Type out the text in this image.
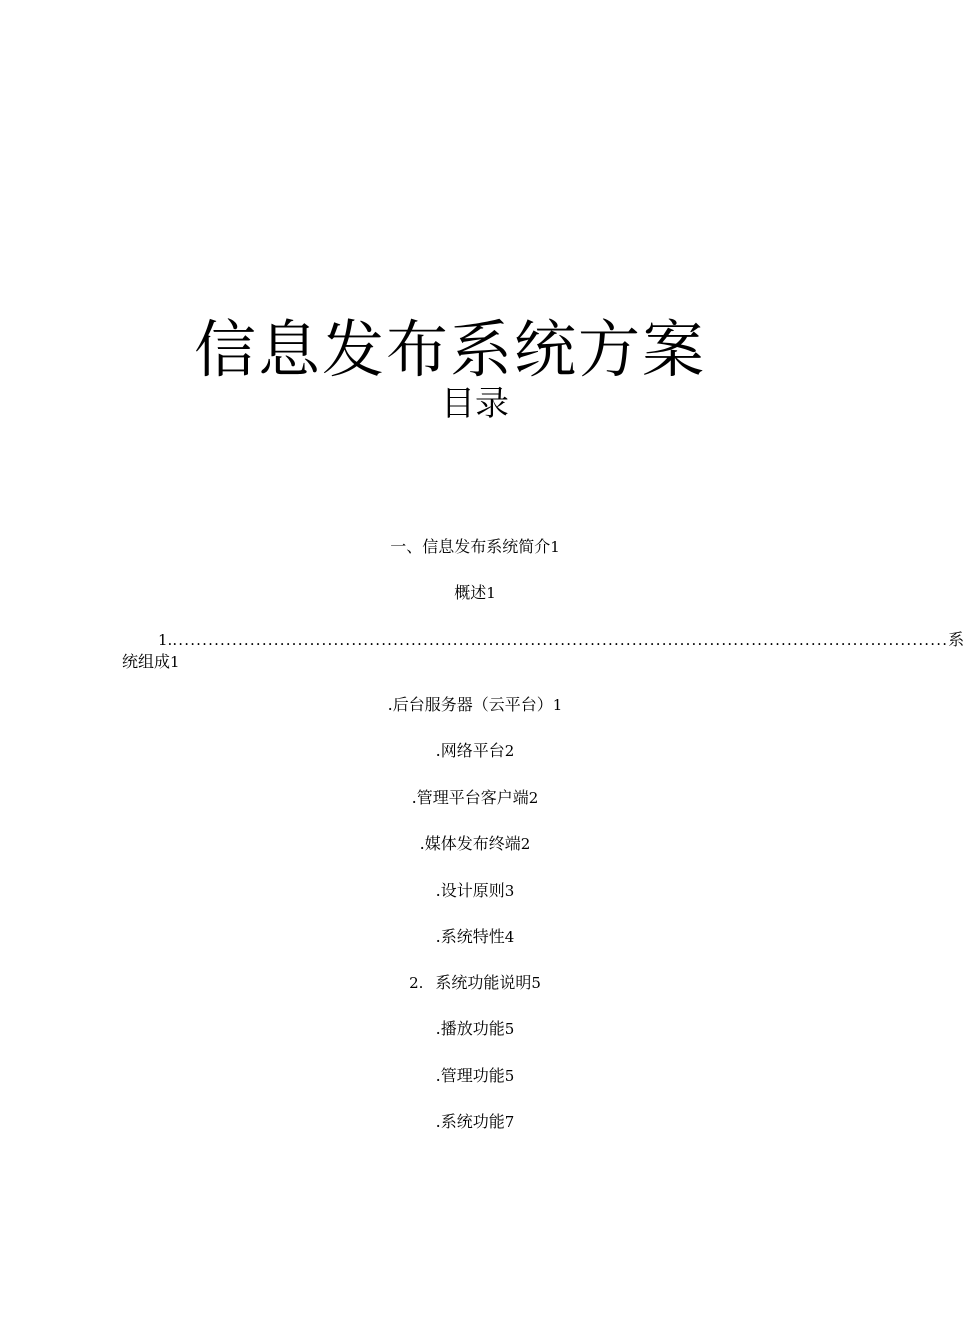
信息发布系统方案
目录
一、信息发布系统简介1
概述1
1. .................................................................................................................................. 系
统组成1
.后台服务器（云平台）1
.网络平台2
.管理平台客户端2
.媒体发布终端2
.设计原则3
.系统特性4
2. 系统功能说明5
.播放功能5
.管理功能5
.系统功能7
